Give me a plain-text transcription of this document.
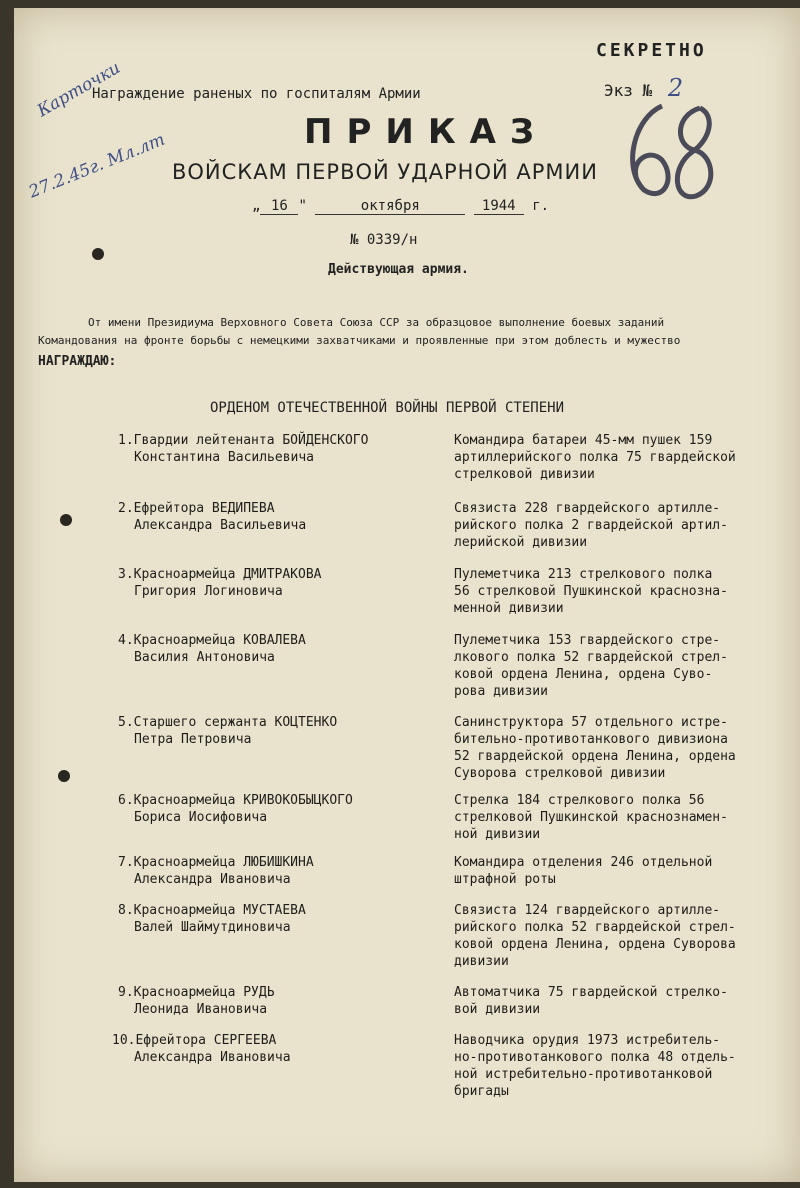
СЕКРЕТНО
Экз № 2
Карточки
27.2.45г. Мл.лт
Награждение раненых по госпиталям Армии
ПРИКАЗ
ВОЙСКАМ ПЕРВОЙ УДАРНОЙ АРМИИ
„ 16 "	октября	1944 г.
№ 0339/н
Действующая армия.
От имени Президиума Верховного Совета Союза ССР за образцовое выполнение боевых заданий
Командования на фронте борьбы с немецкими захватчиками и проявленные при этом доблесть и мужество
НАГРАЖДАЮ:
ОРДЕНОМ ОТЕЧЕСТВЕННОЙ ВОЙНЫ ПЕРВОЙ СТЕПЕНИ
1.Гвардии лейтенанта БОЙДЕНСКОГО
Константина Васильевича
Командира батареи 45-мм пушек 159
артиллерийского полка 75 гвардейской
стрелковой дивизии
2.Ефрейтора ВЕДИПЕВА
Александра Васильевича
Связиста 228 гвардейского артилле-
рийского полка 2 гвардейской артил-
лерийской дивизии
3.Красноармейца ДМИТРАКОВА
Григория Логиновича
Пулеметчика 213 стрелкового полка
56 стрелковой Пушкинской краснозна-
менной дивизии
4.Красноармейца КОВАЛЕВА
Василия Антоновича
Пулеметчика 153 гвардейского стре-
лкового полка 52 гвардейской стрел-
ковой ордена Ленина, ордена Суво-
рова дивизии
5.Старшего сержанта КОЦТЕНКО
Петра Петровича
Санинструктора 57 отдельного истре-
бительно-противотанкового дивизиона
52 гвардейской ордена Ленина, ордена
Суворова стрелковой дивизии
6.Красноармейца КРИВОКОБЫЦКОГО
Бориса Иосифовича
Стрелка 184 стрелкового полка 56
стрелковой Пушкинской краснознамен-
ной дивизии
7.Красноармейца ЛЮБИШКИНА
Александра Ивановича
Командира отделения 246 отдельной
штрафной роты
8.Красноармейца МУСТАЕВА
Валей Шаймутдиновича
Связиста 124 гвардейского артилле-
рийского полка 52 гвардейской стрел-
ковой ордена Ленина, ордена Суворова
дивизии
9.Красноармейца РУДЬ
Леонида Ивановича
Автоматчика 75 гвардейской стрелко-
вой дивизии
10.Ефрейтора СЕРГЕЕВА
Александра Ивановича
Наводчика орудия 1973 истребитель-
но-противотанкового полка 48 отдель-
ной истребительно-противотанковой
бригады
